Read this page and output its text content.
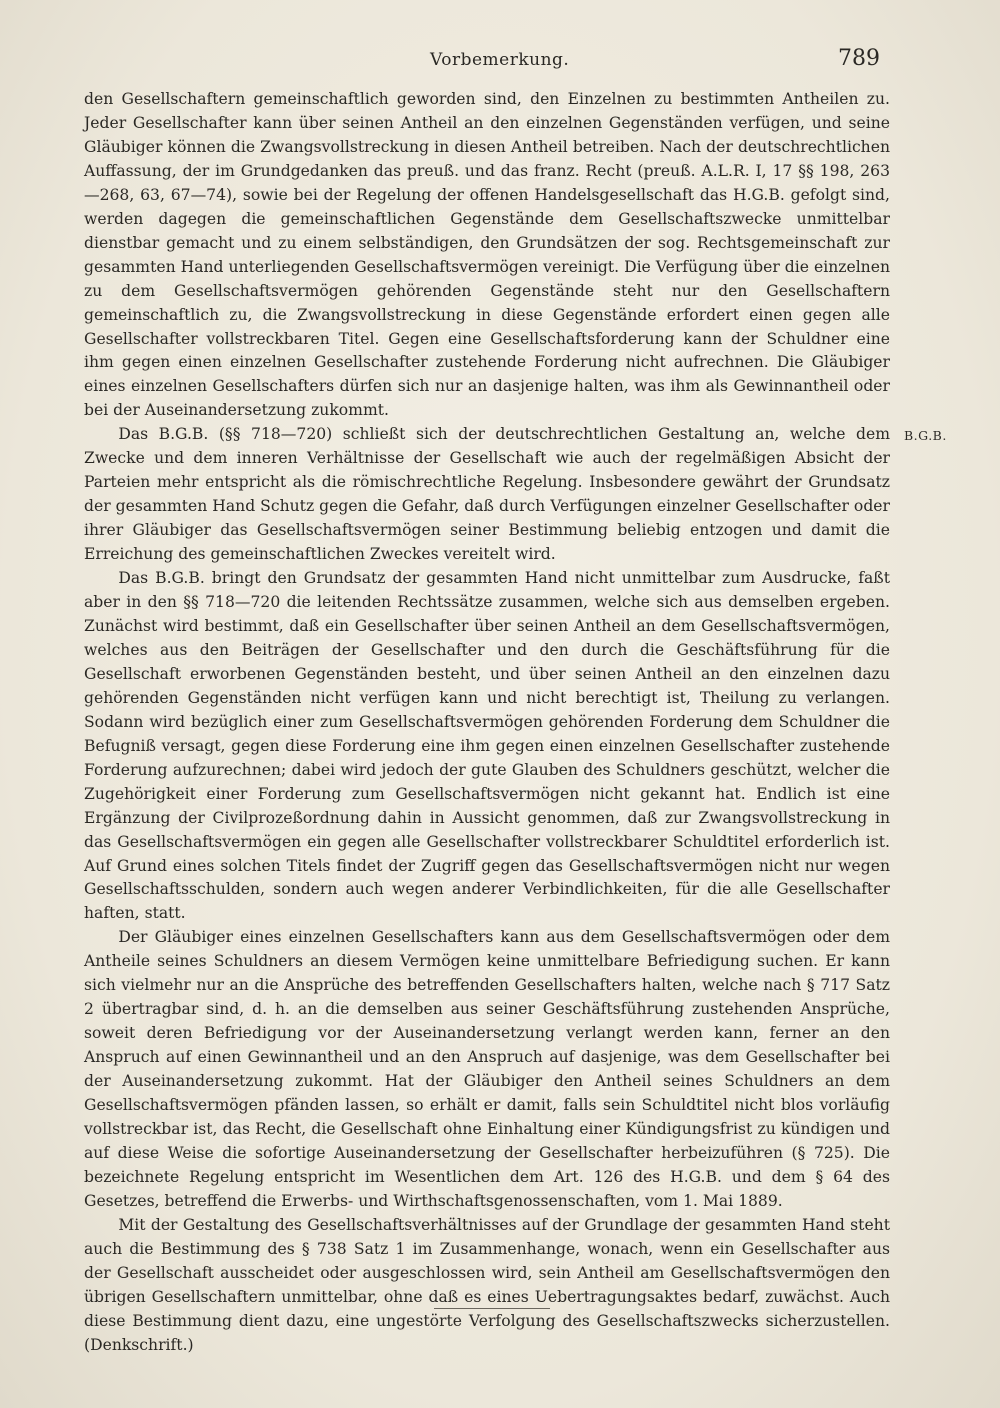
Vorbemerkung.	789
B.G.B.

den Gesellschaftern gemeinschaftlich geworden sind, den Einzelnen zu bestimmten Antheilen zu. Jeder Gesellschafter kann über seinen Antheil an den einzelnen Gegenständen verfügen, und seine Gläubiger können die Zwangsvollstreckung in diesen Antheil betreiben. Nach der deutschrechtlichen Auffassung, der im Grundgedanken das preuß. und das franz. Recht (preuß. A.L.R. I, 17 §§ 198, 263—268, 63, 67—74), sowie bei der Regelung der offenen Handelsgesellschaft das H.G.B. gefolgt sind, werden dagegen die gemeinschaftlichen Gegenstände dem Gesellschaftszwecke unmittelbar dienstbar gemacht und zu einem selbständigen, den Grundsätzen der sog. Rechtsgemeinschaft zur gesammten Hand unterliegenden Gesellschaftsvermögen vereinigt. Die Verfügung über die einzelnen zu dem Gesellschaftsvermögen gehörenden Gegenstände steht nur den Gesellschaftern gemeinschaftlich zu, die Zwangsvollstreckung in diese Gegenstände erfordert einen gegen alle Gesellschafter vollstreckbaren Titel. Gegen eine Gesellschaftsforderung kann der Schuldner eine ihm gegen einen einzelnen Gesellschafter zustehende Forderung nicht aufrechnen. Die Gläubiger eines einzelnen Gesellschafters dürfen sich nur an dasjenige halten, was ihm als Gewinnantheil oder bei der Auseinandersetzung zukommt.

Das B.G.B. (§§ 718—720) schließt sich der deutschrechtlichen Gestaltung an, welche dem Zwecke und dem inneren Verhältnisse der Gesellschaft wie auch der regelmäßigen Absicht der Parteien mehr entspricht als die römischrechtliche Regelung. Insbesondere gewährt der Grundsatz der gesammten Hand Schutz gegen die Gefahr, daß durch Verfügungen einzelner Gesellschafter oder ihrer Gläubiger das Gesellschaftsvermögen seiner Bestimmung beliebig entzogen und damit die Erreichung des gemeinschaftlichen Zweckes vereitelt wird.

Das B.G.B. bringt den Grundsatz der gesammten Hand nicht unmittelbar zum Ausdrucke, faßt aber in den §§ 718—720 die leitenden Rechtssätze zusammen, welche sich aus demselben ergeben. Zunächst wird bestimmt, daß ein Gesellschafter über seinen Antheil an dem Gesellschaftsvermögen, welches aus den Beiträgen der Gesellschafter und den durch die Geschäftsführung für die Gesellschaft erworbenen Gegenständen besteht, und über seinen Antheil an den einzelnen dazu gehörenden Gegenständen nicht verfügen kann und nicht berechtigt ist, Theilung zu verlangen. Sodann wird bezüglich einer zum Gesellschaftsvermögen gehörenden Forderung dem Schuldner die Befugniß versagt, gegen diese Forderung eine ihm gegen einen einzelnen Gesellschafter zustehende Forderung aufzurechnen; dabei wird jedoch der gute Glauben des Schuldners geschützt, welcher die Zugehörigkeit einer Forderung zum Gesellschaftsvermögen nicht gekannt hat. Endlich ist eine Ergänzung der Civilprozeßordnung dahin in Aussicht genommen, daß zur Zwangsvollstreckung in das Gesellschaftsvermögen ein gegen alle Gesellschafter vollstreckbarer Schuldtitel erforderlich ist. Auf Grund eines solchen Titels findet der Zugriff gegen das Gesellschaftsvermögen nicht nur wegen Gesellschaftsschulden, sondern auch wegen anderer Verbindlichkeiten, für die alle Gesellschafter haften, statt.

Der Gläubiger eines einzelnen Gesellschafters kann aus dem Gesellschaftsvermögen oder dem Antheile seines Schuldners an diesem Vermögen keine unmittelbare Befriedigung suchen. Er kann sich vielmehr nur an die Ansprüche des betreffenden Gesellschafters halten, welche nach § 717 Satz 2 übertragbar sind, d. h. an die demselben aus seiner Geschäftsführung zustehenden Ansprüche, soweit deren Befriedigung vor der Auseinandersetzung verlangt werden kann, ferner an den Anspruch auf einen Gewinnantheil und an den Anspruch auf dasjenige, was dem Gesellschafter bei der Auseinandersetzung zukommt. Hat der Gläubiger den Antheil seines Schuldners an dem Gesellschaftsvermögen pfänden lassen, so erhält er damit, falls sein Schuldtitel nicht blos vorläufig vollstreckbar ist, das Recht, die Gesellschaft ohne Einhaltung einer Kündigungsfrist zu kündigen und auf diese Weise die sofortige Auseinandersetzung der Gesellschafter herbeizuführen (§ 725). Die bezeichnete Regelung entspricht im Wesentlichen dem Art. 126 des H.G.B. und dem § 64 des Gesetzes, betreffend die Erwerbs- und Wirthschaftsgenossenschaften, vom 1. Mai 1889.

Mit der Gestaltung des Gesellschaftsverhältnisses auf der Grundlage der gesammten Hand steht auch die Bestimmung des § 738 Satz 1 im Zusammenhange, wonach, wenn ein Gesellschafter aus der Gesellschaft ausscheidet oder ausgeschlossen wird, sein Antheil am Gesellschaftsvermögen den übrigen Gesellschaftern unmittelbar, ohne daß es eines Uebertragungsaktes bedarf, zuwächst. Auch diese Bestimmung dient dazu, eine ungestörte Verfolgung des Gesellschaftszwecks sicherzustellen. (Denkschrift.)
